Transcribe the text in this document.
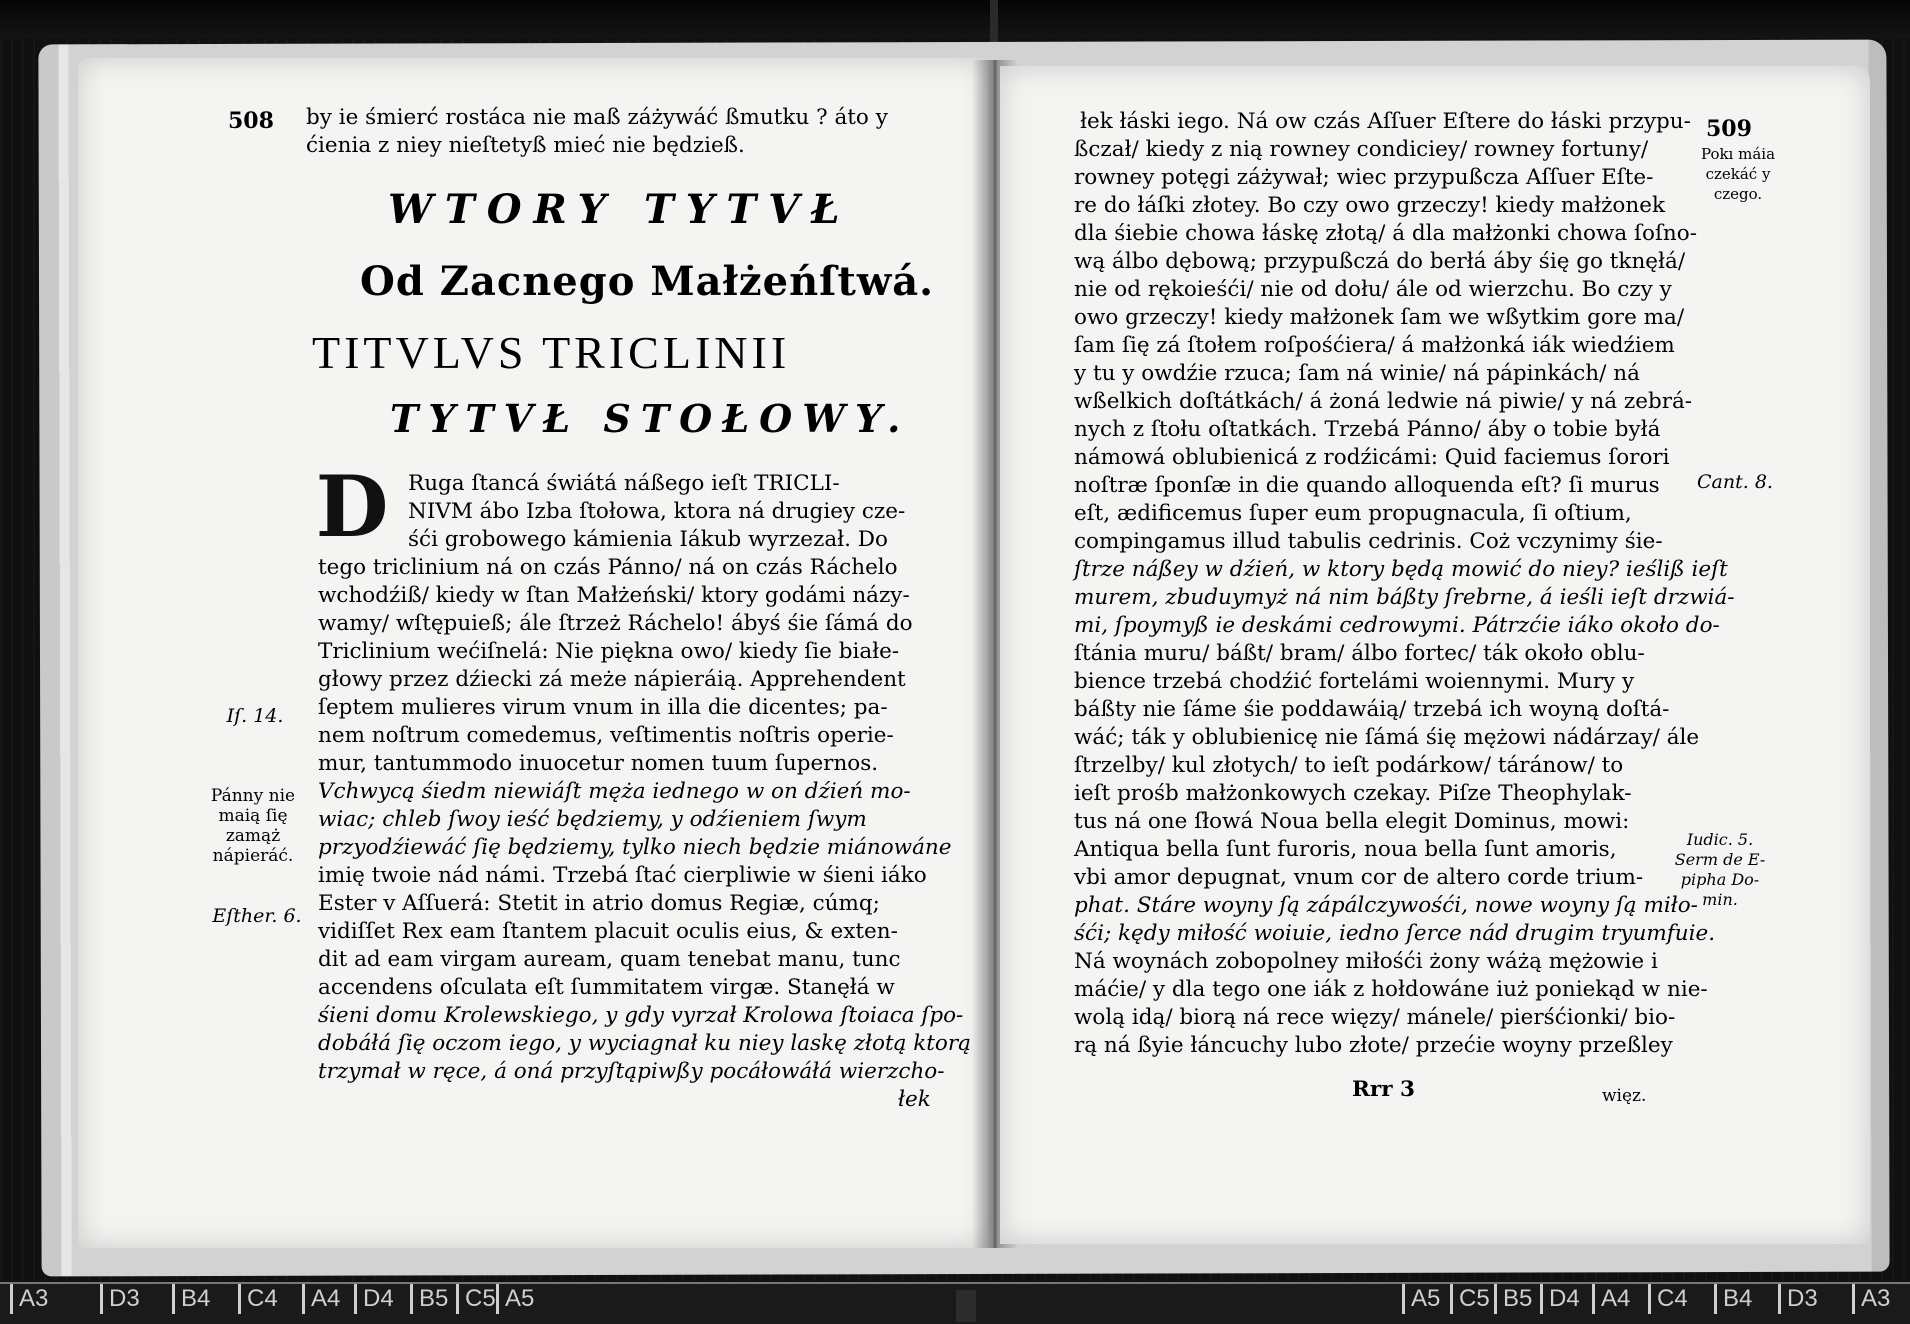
508 by ie śmierć rostáca nie maß záżywáć ßmutku ? áto y
ćienia z niey nieſtetyß mieć nie będzieß.
WTORY TYTVŁ
Od Zacnego Małżeńſtwá.
TITVLVS TRICLINII
TYTVŁ STOŁOWY.
D Ruga ſtancá świátá náßego ieſt TRICLI-
NIVM ábo Izba ſtołowa, ktora ná drugiey cze-
śći grobowego kámienia Iákub wyrzezał. Do
tego triclinium ná on czás Pánno/ ná on czás Ráchelo
wchodźiß/ kiedy w ſtan Małżeński/ ktory godámi názy-
wamy/ wſtępuieß; ále ſtrzeż Ráchelo! ábyś śie ſámá do
Triclinium wećiſnelá: Nie piękna owo/ kiedy ſie białe-
głowy przez dźiecki zá meże nápieráią. Apprehendent
ſeptem mulieres virum vnum in illa die dicentes; pa-
nem noſtrum comedemus, veſtimentis noſtris operie-
mur, tantummodo inuocetur nomen tuum ſupernos.
Vchwycą śiedm niewiáſt męża iednego w on dźień mo-
wiac; chleb ſwoy ieść będziemy, y odźieniem ſwym
przyodźiewáć ſię będziemy, tylko niech będzie miánowáne
imię twoie nád námi. Trzebá ſtać cierpliwie w śieni iáko
Ester v Aſſuerá: Stetit in atrio domus Regiæ, cúmq;
vidiſſet Rex eam ſtantem placuit oculis eius, & exten-
dit ad eam virgam auream, quam tenebat manu, tunc
accendens oſculata eſt ſummitatem virgæ. Stanęłá w
śieni domu Krolewskiego, y gdy vyrzał Krolowa ſtoiaca ſpo-
dobáłá ſię oczom iego, y wyciagnał ku niey laskę złotą ktorą
trzymał w ręce, á oná przyſtąpiwßy pocáłowáłá wierzcho-
łek
Iſ. 14.
Pánny nie
maią ſię
zamąż
nápieráć.
Eſther. 6.
509
łek łáski iego. Ná ow czás Aſſuer Eſtere do łáski przypu-
ßczał/ kiedy z nią rowney condiciey/ rowney fortuny/
rowney potęgi záżywał; wiec przypußcza Aſſuer Eſte-
re do łáſki złotey. Bo czy owo grzeczy! kiedy małżonek
dla śiebie chowa łáskę złotą/ á dla małżonki chowa ſoſno-
wą álbo dębową; przypußczá do berłá áby śię go tknęłá/
nie od rękoieśći/ nie od dołu/ ále od wierzchu. Bo czy y
owo grzeczy! kiedy małżonek ſam we wßytkim gore ma/
ſam ſię zá ſtołem roſpośćiera/ á małżonká iák wiedźiem
y tu y owdźie rzuca; ſam ná winie/ ná pápinkách/ ná
wßelkich doſtátkách/ á żoná ledwie ná piwie/ y ná zebrá-
nych z ſtołu oſtatkách. Trzebá Pánno/ áby o tobie byłá
námowá oblubienicá z rodźicámi: Quid faciemus ſorori
noſtræ ſponſæ in die quando alloquenda eſt? ſi murus
eſt, ædificemus ſuper eum propugnacula, ſi oſtium,
compingamus illud tabulis cedrinis. Coż vczynimy śie-
ſtrze náßey w dźień, w ktory będą mowić do niey? ieśliß ieſt
murem, zbuduymyż ná nim báßty ſrebrne, á ieśli ieſt drzwiá-
mi, ſpoymyß ie deskámi cedrowymi. Pátrzćie iáko około do-
ſtánia muru/ báßt/ bram/ álbo fortec/ ták około oblu-
bience trzebá chodźić fortelámi woiennymi. Mury y
báßty nie ſáme śie poddawáią/ trzebá ich woyną doſtá-
wáć; ták y oblubienicę nie ſámá śię mężowi nádárzay/ ále
ſtrzelby/ kul złotych/ to ieſt podárkow/ táránow/ to
ieſt prośb małżonkowych czekay. Piſze Theophylak-
tus ná one ſłowá Noua bella elegit Dominus, mowi:
Antiqua bella ſunt furoris, noua bella ſunt amoris,
vbi amor depugnat, vnum cor de altero corde trium-
phat. Stáre woyny ſą zápálczywośći, nowe woyny ſą miło-
śći; kędy miłość woiuie, iedno ſerce nád drugim tryumfuie.
Ná woynách zobopolney miłośći żony wáżą mężowie i
máćie/ y dla tego one iák z hołdowáne iuż poniekąd w nie-
wolą idą/ biorą ná rece więzy/ mánele/ pierśćionki/ bio-
rą ná ßyie łáncuchy lubo złote/ przećie woyny przeßley
Rrr 3	więz.
Pokı máia
czekáć y
czego.
Cant. 8.
Iudic. 5.
Serm de E-
pipha Do-
min.
A3	D3	B4	C4	A4 D4	B5 C5 A5	A5 C5 B5 D4 A4	C4	B4	D3	A3
